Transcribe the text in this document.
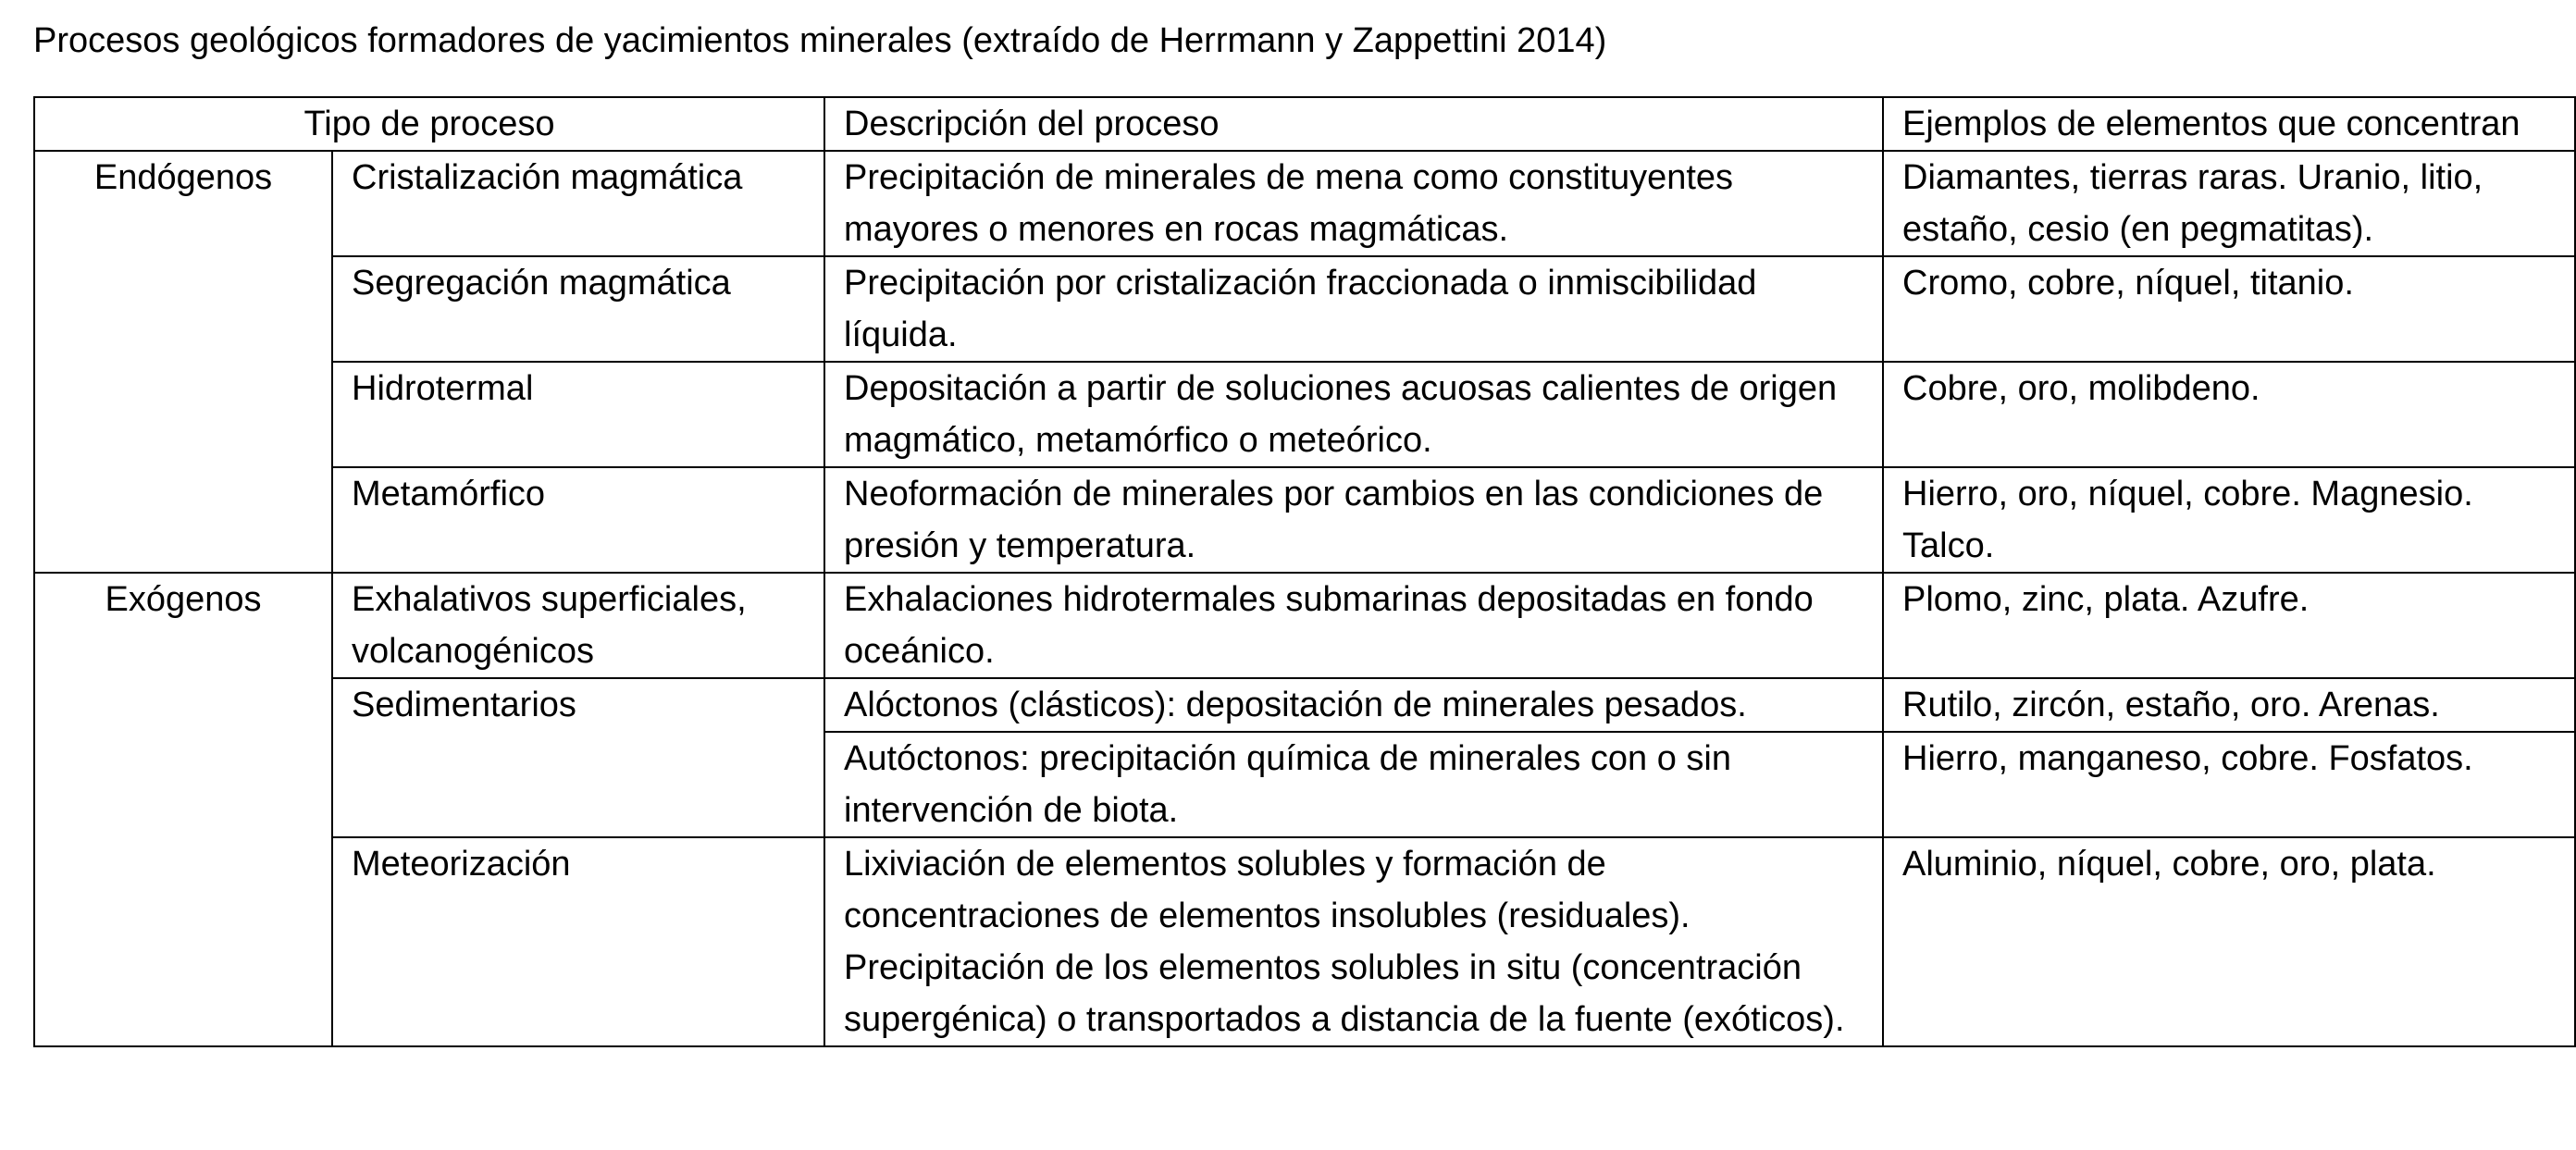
Procesos geológicos formadores de yacimientos minerales (extraído de Herrmann y Zappettini 2014)
Tipo de proceso		Descripción del proceso	Ejemplos de elementos que concentran
Endógenos	Cristalización magmática	Precipitación de minerales de mena como constituyentes mayores o menores en rocas magmáticas.	Diamantes, tierras raras. Uranio, litio, estaño, cesio (en pegmatitas).
	Segregación magmática	Precipitación por cristalización fraccionada o inmiscibilidad líquida.	Cromo, cobre, níquel, titanio.
	Hidrotermal	Depositación a partir de soluciones acuosas calientes de origen magmático, metamórfico o meteórico.	Cobre, oro, molibdeno.
	Metamórfico	Neoformación de minerales por cambios en las condiciones de presión y temperatura.	Hierro, oro, níquel, cobre. Magnesio. Talco.
Exógenos	Exhalativos superficiales, volcanogénicos	Exhalaciones hidrotermales submarinas depositadas en fondo oceánico.	Plomo, zinc, plata. Azufre.
	Sedimentarios	Alóctonos (clásticos): depositación de minerales pesados.	Rutilo, zircón, estaño, oro. Arenas.
		Autóctonos: precipitación química de minerales con o sin intervención de biota.	Hierro, manganeso, cobre. Fosfatos.
	Meteorización	Lixiviación de elementos solubles y formación de concentraciones de elementos insolubles (residuales). Precipitación de los elementos solubles in situ (concentración supergénica) o transportados a distancia de la fuente (exóticos).	Aluminio, níquel, cobre, oro, plata.
